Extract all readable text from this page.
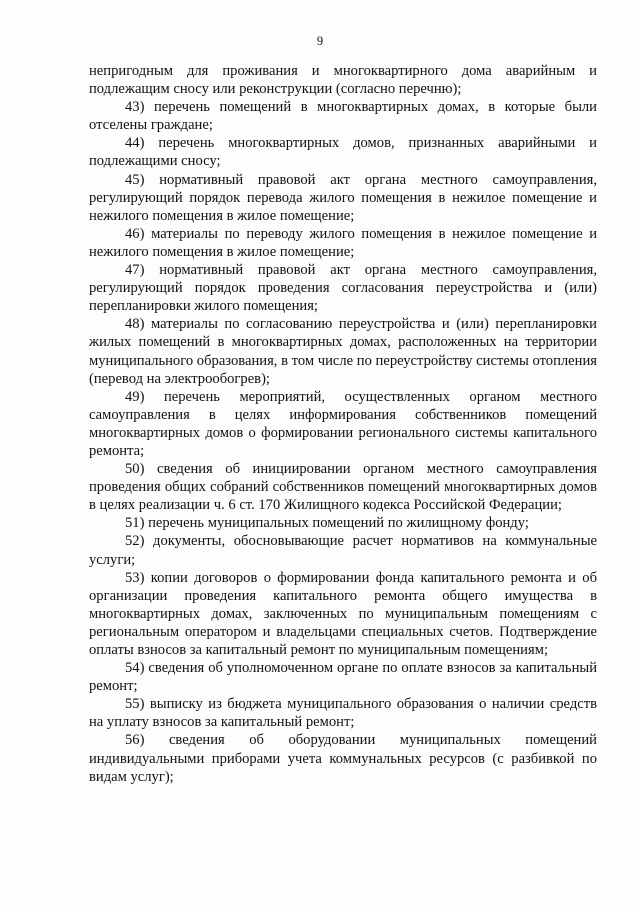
9

непригодным для проживания и многоквартирного дома аварийным и подлежащим сносу или реконструкции (согласно перечню);

43) перечень помещений в многоквартирных домах, в которые были отселены граждане;

44) перечень многоквартирных домов, признанных аварийными и подлежащими сносу;

45) нормативный правовой акт органа местного самоуправления, регулирующий порядок перевода жилого помещения в нежилое помещение и нежилого помещения в жилое помещение;

46) материалы по переводу жилого помещения в нежилое помещение и нежилого помещения в жилое помещение;

47) нормативный правовой акт органа местного самоуправления, регулирующий порядок проведения согласования переустройства и (или) перепланировки жилого помещения;

48) материалы по согласованию переустройства и (или) перепланировки жилых помещений в многоквартирных домах, расположенных на территории муниципального образования, в том числе по переустройству системы отопления (перевод на электрообогрев);

49) перечень мероприятий, осуществленных органом местного самоуправления в целях информирования собственников помещений многоквартирных домов о формировании регионального системы капитального ремонта;

50) сведения об инициировании органом местного самоуправления проведения общих собраний собственников помещений многоквартирных домов в целях реализации ч. 6 ст. 170 Жилищного кодекса Российской Федерации;

51) перечень муниципальных помещений по жилищному фонду;

52) документы, обосновывающие расчет нормативов на коммунальные услуги;

53) копии договоров о формировании фонда капитального ремонта и об организации проведения капитального ремонта общего имущества в многоквартирных домах, заключенных по муниципальным помещениям с региональным оператором и владельцами специальных счетов. Подтверждение оплаты взносов за капитальный ремонт по муниципальным помещениям;

54) сведения об уполномоченном органе по оплате взносов за капитальный ремонт;

55) выписку из бюджета муниципального образования о наличии средств на уплату взносов за капитальный ремонт;

56) сведения об оборудовании муниципальных помещений индивидуальными приборами учета коммунальных ресурсов (с разбивкой по видам услуг);
